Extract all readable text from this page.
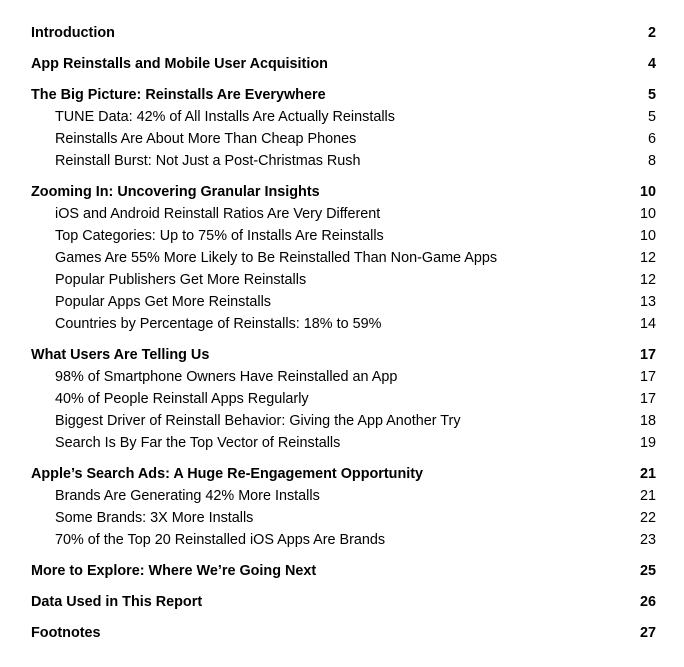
Introduction	2
App Reinstalls and Mobile User Acquisition	4
The Big Picture: Reinstalls Are Everywhere	5
TUNE Data: 42% of All Installs Are Actually Reinstalls	5
Reinstalls Are About More Than Cheap Phones	6
Reinstall Burst: Not Just a Post-Christmas Rush	8
Zooming In: Uncovering Granular Insights	10
iOS and Android Reinstall Ratios Are Very Different	10
Top Categories: Up to 75% of Installs Are Reinstalls	10
Games Are 55% More Likely to Be Reinstalled Than Non-Game Apps	12
Popular Publishers Get More Reinstalls	12
Popular Apps Get More Reinstalls	13
Countries by Percentage of Reinstalls: 18% to 59%	14
What Users Are Telling Us	17
98% of Smartphone Owners Have Reinstalled an App	17
40% of People Reinstall Apps Regularly	17
Biggest Driver of Reinstall Behavior: Giving the App Another Try	18
Search Is By Far the Top Vector of Reinstalls	19
Apple’s Search Ads: A Huge Re-Engagement Opportunity	21
Brands Are Generating 42% More Installs	21
Some Brands: 3X More Installs	22
70% of the Top 20 Reinstalled iOS Apps Are Brands	23
More to Explore: Where We’re Going Next	25
Data Used in This Report	26
Footnotes	27
